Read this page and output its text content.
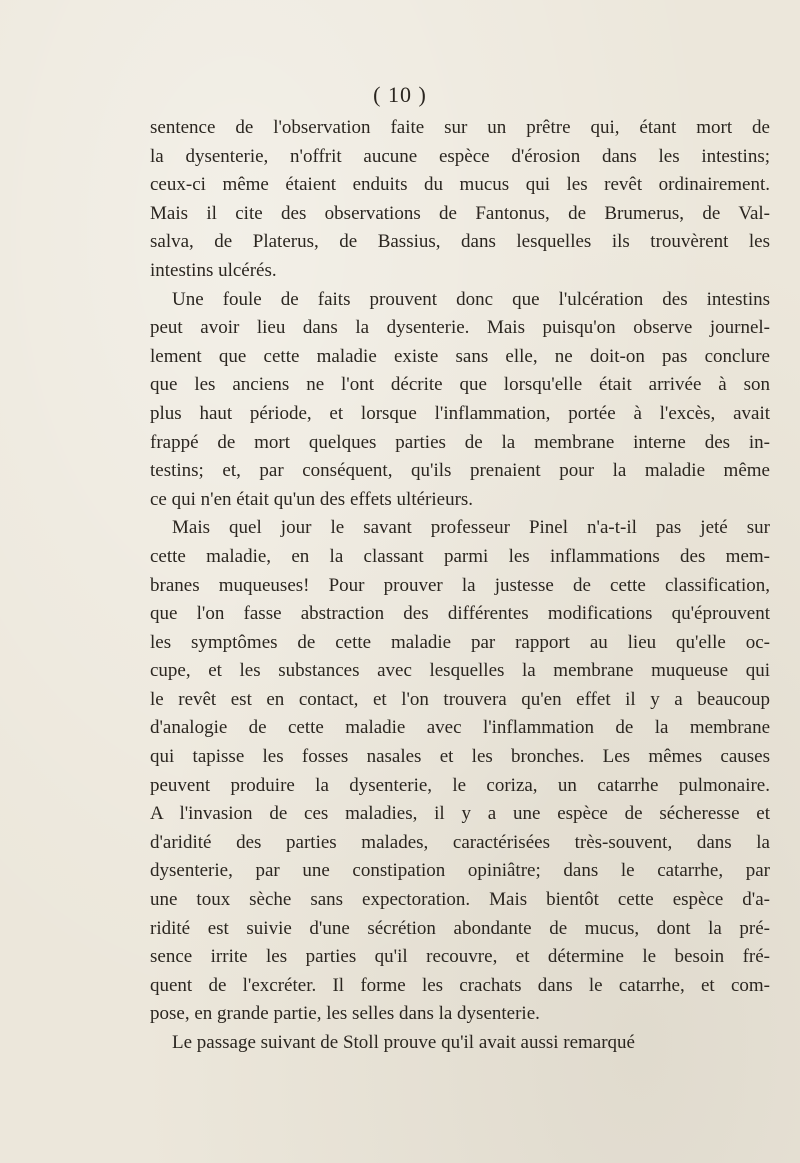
( 10 )
sentence de l'observation faite sur un prêtre qui, étant mort de
la dysenterie, n'offrit aucune espèce d'érosion dans les intestins;
ceux-ci même étaient enduits du mucus qui les revêt ordinairement.
Mais il cite des observations de Fantonus, de Brumerus, de Val-
salva, de Platerus, de Bassius, dans lesquelles ils trouvèrent les
intestins ulcérés.
Une foule de faits prouvent donc que l'ulcération des intestins
peut avoir lieu dans la dysenterie. Mais puisqu'on observe journel-
lement que cette maladie existe sans elle, ne doit-on pas conclure
que les anciens ne l'ont décrite que lorsqu'elle était arrivée à son
plus haut période, et lorsque l'inflammation, portée à l'excès, avait
frappé de mort quelques parties de la membrane interne des in-
testins; et, par conséquent, qu'ils prenaient pour la maladie même
ce qui n'en était qu'un des effets ultérieurs.
Mais quel jour le savant professeur Pinel n'a-t-il pas jeté sur
cette maladie, en la classant parmi les inflammations des mem-
branes muqueuses! Pour prouver la justesse de cette classification,
que l'on fasse abstraction des différentes modifications qu'éprouvent
les symptômes de cette maladie par rapport au lieu qu'elle oc-
cupe, et les substances avec lesquelles la membrane muqueuse qui
le revêt est en contact, et l'on trouvera qu'en effet il y a beaucoup
d'analogie de cette maladie avec l'inflammation de la membrane
qui tapisse les fosses nasales et les bronches. Les mêmes causes
peuvent produire la dysenterie, le coriza, un catarrhe pulmonaire.
A l'invasion de ces maladies, il y a une espèce de sécheresse et
d'aridité des parties malades, caractérisées très-souvent, dans la
dysenterie, par une constipation opiniâtre; dans le catarrhe, par
une toux sèche sans expectoration. Mais bientôt cette espèce d'a-
ridité est suivie d'une sécrétion abondante de mucus, dont la pré-
sence irrite les parties qu'il recouvre, et détermine le besoin fré-
quent de l'excréter. Il forme les crachats dans le catarrhe, et com-
pose, en grande partie, les selles dans la dysenterie.
Le passage suivant de Stoll prouve qu'il avait aussi remarqué
